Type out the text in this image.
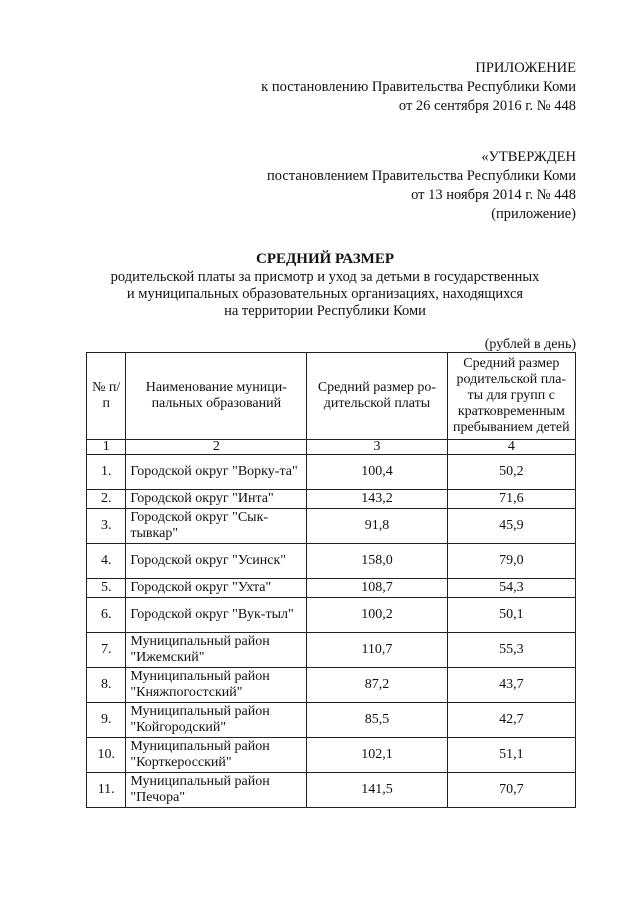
ПРИЛОЖЕНИЕ
к постановлению Правительства Республики Коми
от 26 сентября 2016 г. № 448
«УТВЕРЖДЕН
постановлением Правительства Республики Коми
от 13 ноября 2014 г. № 448
(приложение)
СРЕДНИЙ РАЗМЕР
родительской платы за присмотр и уход за детьми в государственных
и муниципальных образовательных организациях, находящихся
на территории Республики Коми
(рублей в день)
№ п/п	Наименование муници-пальных образований	Средний размер ро-дительской платы	Средний размер родительской пла-ты для групп с кратковременным пребыванием детей
1	2	3	4
1.	Городской округ "Ворку-та"	100,4	50,2
2.	Городской округ "Инта"	143,2	71,6
3.	Городской округ "Сык-тывкар"	91,8	45,9
4.	Городской округ "Усинск"	158,0	79,0
5.	Городской округ "Ухта"	108,7	54,3
6.	Городской округ "Вук-тыл"	100,2	50,1
7.	Муниципальный район "Ижемский"	110,7	55,3
8.	Муниципальный район "Княжпогостский"	87,2	43,7
9.	Муниципальный район "Койгородский"	85,5	42,7
10.	Муниципальный район "Корткеросский"	102,1	51,1
11.	Муниципальный район "Печора"	141,5	70,7
